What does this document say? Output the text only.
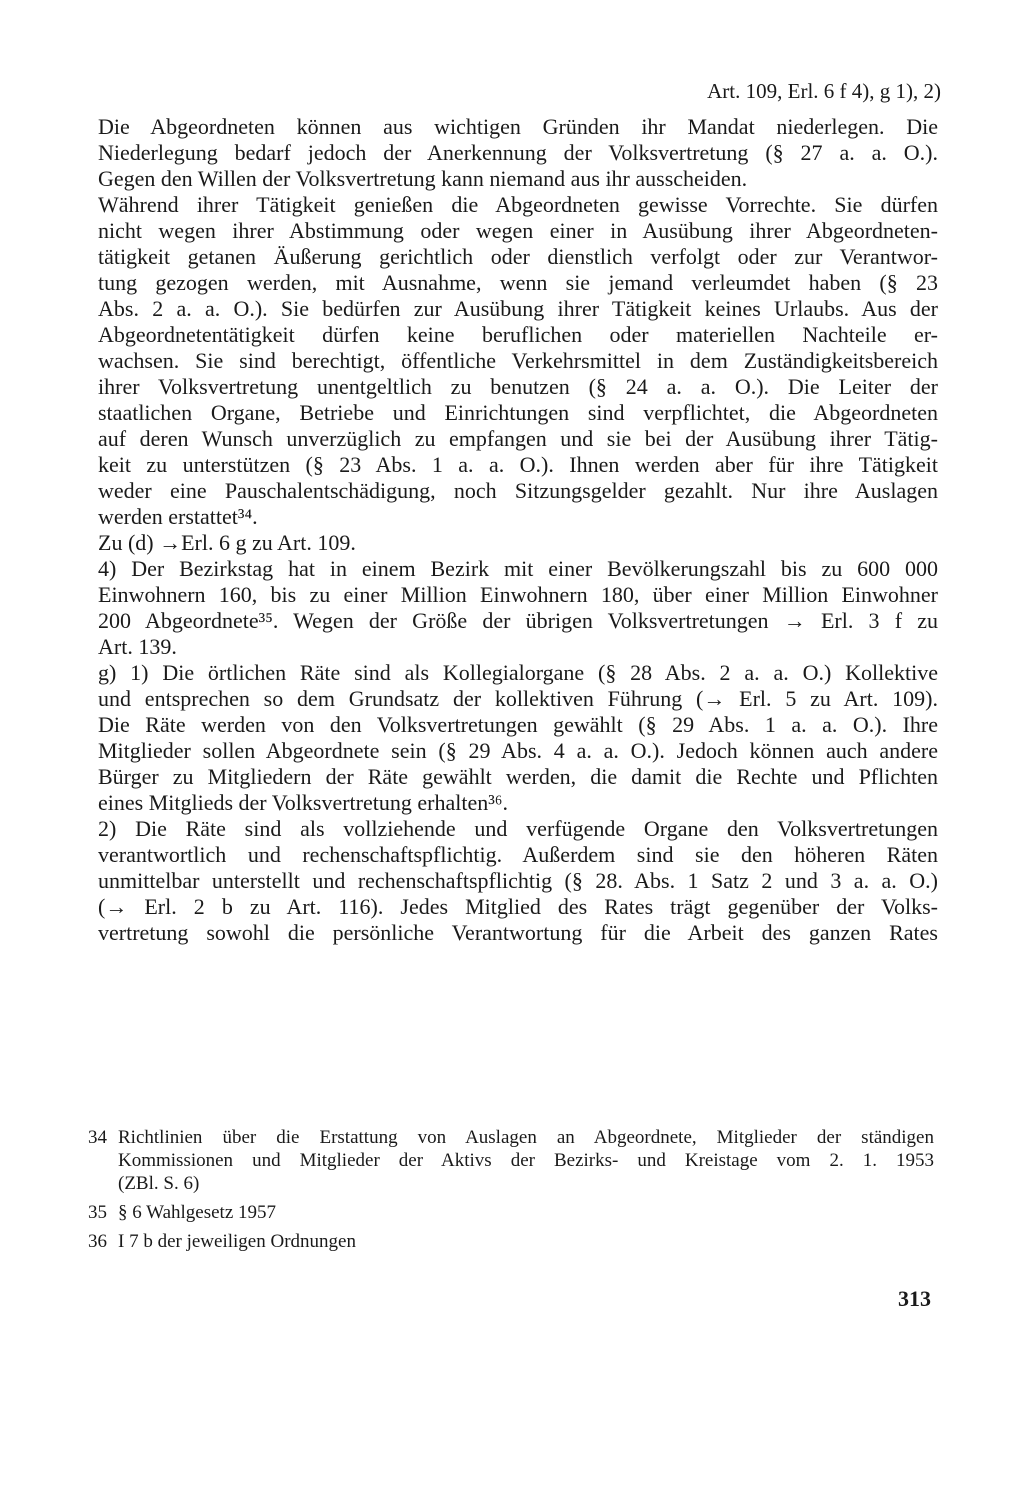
Art. 109, Erl. 6 f 4), g 1), 2)
Die Abgeordneten können aus wichtigen Gründen ihr Mandat niederlegen. Die
Niederlegung bedarf jedoch der Anerkennung der Volksvertretung (§ 27 a. a. O.).
Gegen den Willen der Volksvertretung kann niemand aus ihr ausscheiden.
Während ihrer Tätigkeit genießen die Abgeordneten gewisse Vorrechte. Sie dürfen
nicht wegen ihrer Abstimmung oder wegen einer in Ausübung ihrer Abgeordneten-
tätigkeit getanen Äußerung gerichtlich oder dienstlich verfolgt oder zur Verantwor-
tung gezogen werden, mit Ausnahme, wenn sie jemand verleumdet haben (§ 23
Abs. 2 a. a. O.). Sie bedürfen zur Ausübung ihrer Tätigkeit keines Urlaubs. Aus der
Abgeordnetentätigkeit dürfen keine beruflichen oder materiellen Nachteile er-
wachsen. Sie sind berechtigt, öffentliche Verkehrsmittel in dem Zuständigkeitsbereich
ihrer Volksvertretung unentgeltlich zu benutzen (§ 24 a. a. O.). Die Leiter der
staatlichen Organe, Betriebe und Einrichtungen sind verpflichtet, die Abgeordneten
auf deren Wunsch unverzüglich zu empfangen und sie bei der Ausübung ihrer Tätig-
keit zu unterstützen (§ 23 Abs. 1 a. a. O.). Ihnen werden aber für ihre Tätigkeit
weder eine Pauschalentschädigung, noch Sitzungsgelder gezahlt. Nur ihre Auslagen
werden erstattet³⁴.
Zu (d) →Erl. 6 g zu Art. 109.
4) Der Bezirkstag hat in einem Bezirk mit einer Bevölkerungszahl bis zu 600 000
Einwohnern 160, bis zu einer Million Einwohnern 180, über einer Million Einwohner
200 Abgeordnete³⁵. Wegen der Größe der übrigen Volksvertretungen → Erl. 3 f zu
Art. 139.
g) 1) Die örtlichen Räte sind als Kollegialorgane (§ 28 Abs. 2 a. a. O.) Kollektive
und entsprechen so dem Grundsatz der kollektiven Führung (→ Erl. 5 zu Art. 109).
Die Räte werden von den Volksvertretungen gewählt (§ 29 Abs. 1 a. a. O.). Ihre
Mitglieder sollen Abgeordnete sein (§ 29 Abs. 4 a. a. O.). Jedoch können auch andere
Bürger zu Mitgliedern der Räte gewählt werden, die damit die Rechte und Pflichten
eines Mitglieds der Volksvertretung erhalten³⁶.
2) Die Räte sind als vollziehende und verfügende Organe den Volksvertretungen
verantwortlich und rechenschaftspflichtig. Außerdem sind sie den höheren Räten
unmittelbar unterstellt und rechenschaftspflichtig (§ 28. Abs. 1 Satz 2 und 3 a. a. O.)
(→ Erl. 2 b zu Art. 116). Jedes Mitglied des Rates trägt gegenüber der Volks-
vertretung sowohl die persönliche Verantwortung für die Arbeit des ganzen Rates
34 Richtlinien über die Erstattung von Auslagen an Abgeordnete, Mitglieder der ständigen
Kommissionen und Mitglieder der Aktivs der Bezirks- und Kreistage vom 2. 1. 1953
(ZBl. S. 6)
35 § 6 Wahlgesetz 1957
36 I 7 b der jeweiligen Ordnungen
313
